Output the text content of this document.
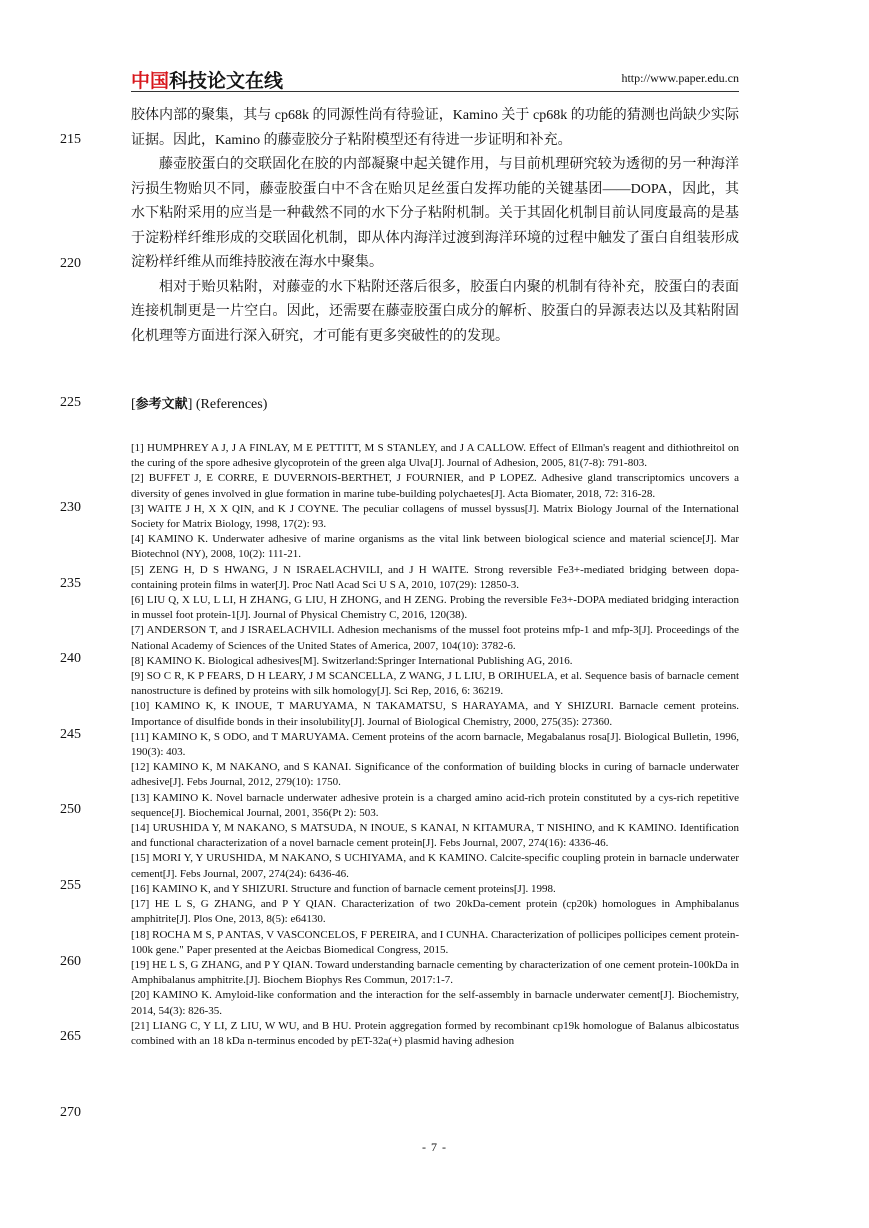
中国科技论文在线	http://www.paper.edu.cn

胶体内部的聚集，其与 cp68k 的同源性尚有待验证，Kamino 关于 cp68k 的功能的猜测也尚缺少实际证据。因此，Kamino 的藤壶胶分子粘附模型还有待进一步证明和补充。

藤壶胶蛋白的交联固化在胶的内部凝聚中起关键作用，与目前机理研究较为透彻的另一种海洋污损生物贻贝不同，藤壶胶蛋白中不含在贻贝足丝蛋白发挥功能的关键基团——DOPA，因此，其水下粘附采用的应当是一种截然不同的水下分子粘附机制。关于其固化机制目前认同度最高的是基于淀粉样纤维形成的交联固化机制，即从体内海洋过渡到海洋环境的过程中触发了蛋白自组装形成淀粉样纤维从而维持胶液在海水中聚集。

相对于贻贝粘附，对藤壶的水下粘附还落后很多，胶蛋白内聚的机制有待补充，胶蛋白的表面连接机制更是一片空白。因此，还需要在藤壶胶蛋白成分的解析、胶蛋白的异源表达以及其粘附固化机理等方面进行深入研究，才可能有更多突破性的的发现。

[参考文献] (References)

[1] HUMPHREY A J, J A FINLAY, M E PETTITT, M S STANLEY, and J A CALLOW. Effect of Ellman's reagent and dithiothreitol on the curing of the spore adhesive glycoprotein of the green alga Ulva[J]. Journal of Adhesion, 2005, 81(7-8): 791-803.

[2] BUFFET J, E CORRE, E DUVERNOIS-BERTHET, J FOURNIER, and P LOPEZ. Adhesive gland transcriptomics uncovers a diversity of genes involved in glue formation in marine tube-building polychaetes[J]. Acta Biomater, 2018, 72: 316-28.

[3] WAITE J H, X X QIN, and K J COYNE. The peculiar collagens of mussel byssus[J]. Matrix Biology Journal of the International Society for Matrix Biology, 1998, 17(2): 93.

[4] KAMINO K. Underwater adhesive of marine organisms as the vital link between biological science and material science[J]. Mar Biotechnol (NY), 2008, 10(2): 111-21.

[5] ZENG H, D S HWANG, J N ISRAELACHVILI, and J H WAITE. Strong reversible Fe3+-mediated bridging between dopa-containing protein films in water[J]. Proc Natl Acad Sci U S A, 2010, 107(29): 12850-3.

[6] LIU Q, X LU, L LI, H ZHANG, G LIU, H ZHONG, and H ZENG. Probing the reversible Fe3+-DOPA mediated bridging interaction in mussel foot protein-1[J]. Journal of Physical Chemistry C, 2016, 120(38).

[7] ANDERSON T, and J ISRAELACHVILI. Adhesion mechanisms of the mussel foot proteins mfp-1 and mfp-3[J]. Proceedings of the National Academy of Sciences of the United States of America, 2007, 104(10): 3782-6.

[8] KAMINO K. Biological adhesives[M]. Switzerland:Springer International Publishing AG, 2016.

[9] SO C R, K P FEARS, D H LEARY, J M SCANCELLA, Z WANG, J L LIU, B ORIHUELA, et al. Sequence basis of barnacle cement nanostructure is defined by proteins with silk homology[J]. Sci Rep, 2016, 6: 36219.

[10] KAMINO K, K INOUE, T MARUYAMA, N TAKAMATSU, S HARAYAMA, and Y SHIZURI. Barnacle cement proteins. Importance of disulfide bonds in their insolubility[J]. Journal of Biological Chemistry, 2000, 275(35): 27360.

[11] KAMINO K, S ODO, and T MARUYAMA. Cement proteins of the acorn barnacle, Megabalanus rosa[J]. Biological Bulletin, 1996, 190(3): 403.

[12] KAMINO K, M NAKANO, and S KANAI. Significance of the conformation of building blocks in curing of barnacle underwater adhesive[J]. Febs Journal, 2012, 279(10): 1750.

[13] KAMINO K. Novel barnacle underwater adhesive protein is a charged amino acid-rich protein constituted by a cys-rich repetitive sequence[J]. Biochemical Journal, 2001, 356(Pt 2): 503.

[14] URUSHIDA Y, M NAKANO, S MATSUDA, N INOUE, S KANAI, N KITAMURA, T NISHINO, and K KAMINO. Identification and functional characterization of a novel barnacle cement protein[J]. Febs Journal, 2007, 274(16): 4336-46.

[15] MORI Y, Y URUSHIDA, M NAKANO, S UCHIYAMA, and K KAMINO. Calcite‐specific coupling protein in barnacle underwater cement[J]. Febs Journal, 2007, 274(24): 6436-46.

[16] KAMINO K, and Y SHIZURI. Structure and function of barnacle cement proteins[J]. 1998.

[17] HE L S, G ZHANG, and P Y QIAN. Characterization of two 20kDa-cement protein (cp20k) homologues in Amphibalanus amphitrite[J]. Plos One, 2013, 8(5): e64130.

[18] ROCHA M S, P ANTAS, V VASCONCELOS, F PEREIRA, and I CUNHA. Characterization of pollicipes pollicipes cement protein-100k gene." Paper presented at the Aeicbas Biomedical Congress, 2015.

[19] HE L S, G ZHANG, and P Y QIAN. Toward understanding barnacle cementing by characterization of one cement protein-100kDa in Amphibalanus amphitrite.[J]. Biochem Biophys Res Commun, 2017:1-7.

[20] KAMINO K. Amyloid-like conformation and the interaction for the self-assembly in barnacle underwater cement[J]. Biochemistry, 2014, 54(3): 826-35.

[21] LIANG C, Y LI, Z LIU, W WU, and B HU. Protein aggregation formed by recombinant cp19k homologue of Balanus albicostatus combined with an 18 kDa n-terminus encoded by pET-32a(+) plasmid having adhesion

215
220
225
230
235
240
245
250
255
260
265
270
- 7 -
